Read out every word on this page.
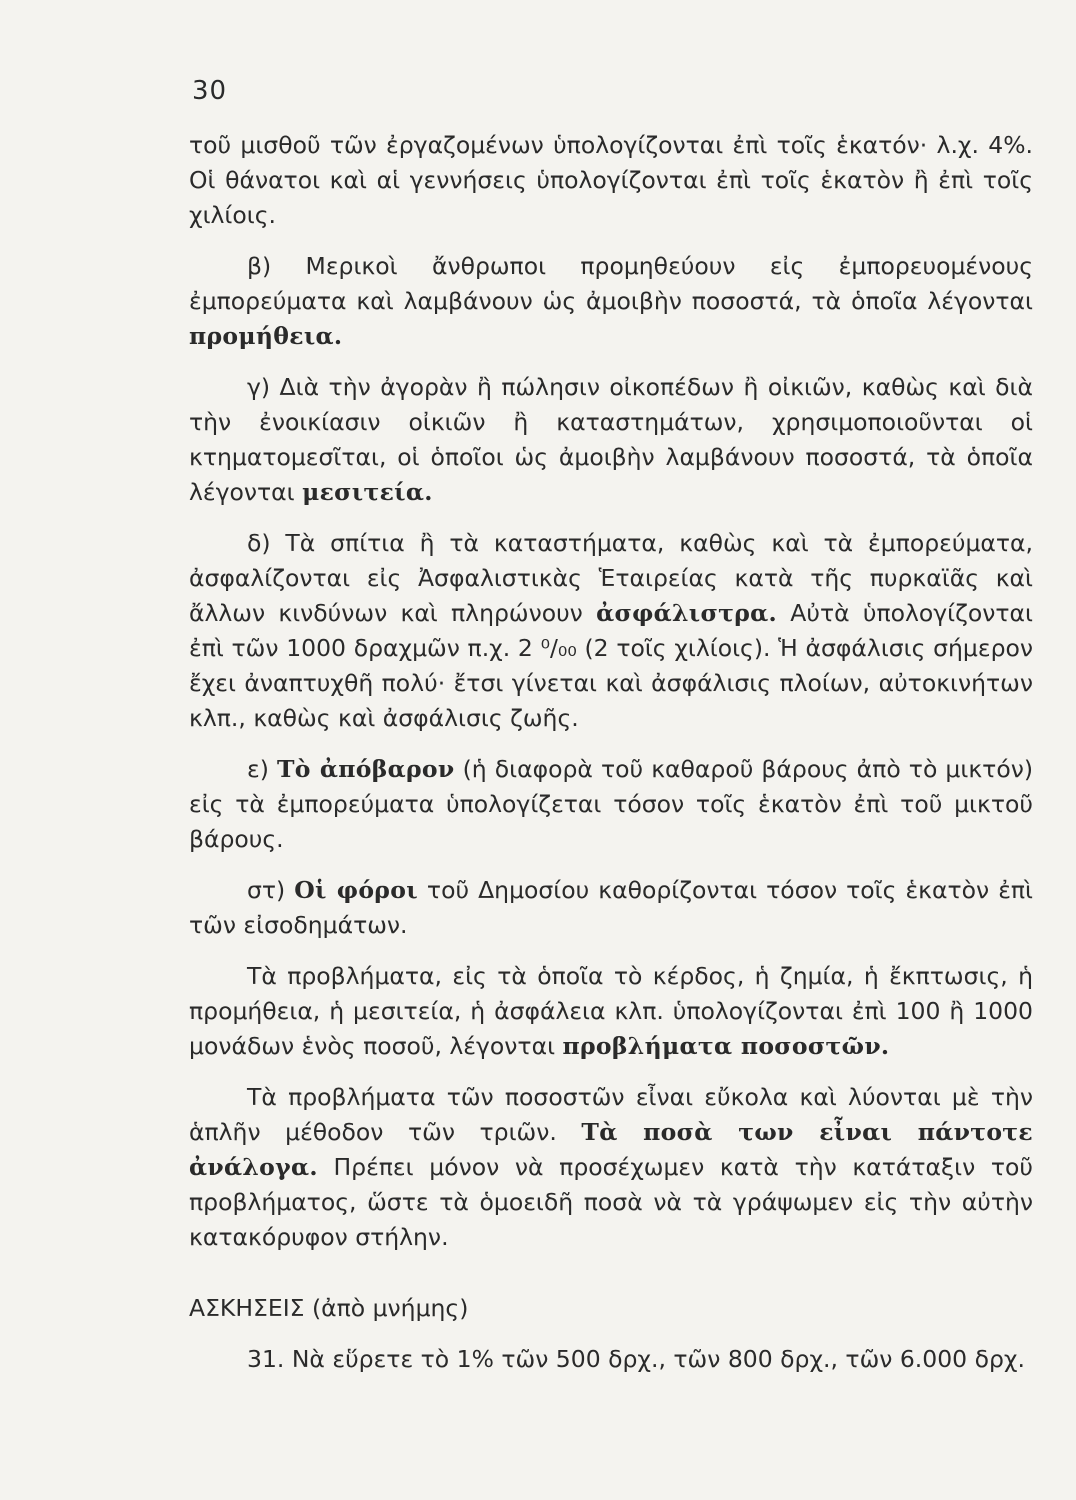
30

τοῦ μισθοῦ τῶν ἐργαζομένων ὑπολογίζονται ἐπὶ τοῖς ἑκατόν· λ.χ. 4%. Οἱ θάνατοι καὶ αἱ γεννήσεις ὑπολογίζονται ἐπὶ τοῖς ἑκατὸν ἢ ἐπὶ τοῖς χιλίοις.

β) Μερικοὶ ἄνθρωποι προμηθεύουν εἰς ἐμπορευομένους ἐμπορεύματα καὶ λαμβάνουν ὡς ἀμοιβὴν ποσοστά, τὰ ὁποῖα λέγονται προμήθεια.

γ) Διὰ τὴν ἀγορὰν ἢ πώλησιν οἰκοπέδων ἢ οἰκιῶν, καθὼς καὶ διὰ τὴν ἐνοικίασιν οἰκιῶν ἢ καταστημάτων, χρησιμοποιοῦνται οἱ κτηματομεσῖται, οἱ ὁποῖοι ὡς ἀμοιβὴν λαμβάνουν ποσοστά, τὰ ὁποῖα λέγονται μεσιτεία.

δ) Τὰ σπίτια ἢ τὰ καταστήματα, καθὼς καὶ τὰ ἐμπορεύματα, ἀσφαλίζονται εἰς Ἀσφαλιστικὰς Ἑταιρείας κατὰ τῆς πυρκαϊᾶς καὶ ἄλλων κινδύνων καὶ πληρώνουν ἀσφάλιστρα. Αὐτὰ ὑπολογίζονται ἐπὶ τῶν 1000 δραχμῶν π.χ. 2 ⁰/₀₀ (2 τοῖς χιλίοις). Ἡ ἀσφάλισις σήμερον ἔχει ἀναπτυχθῆ πολύ· ἔτσι γίνεται καὶ ἀσφάλισις πλοίων, αὐτοκινήτων κλπ., καθὼς καὶ ἀσφάλισις ζωῆς.

ε) Τὸ ἀπόβαρον (ἡ διαφορὰ τοῦ καθαροῦ βάρους ἀπὸ τὸ μικτόν) εἰς τὰ ἐμπορεύματα ὑπολογίζεται τόσον τοῖς ἑκατὸν ἐπὶ τοῦ μικτοῦ βάρους.

στ) Οἱ φόροι τοῦ Δημοσίου καθορίζονται τόσον τοῖς ἑκατὸν ἐπὶ τῶν εἰσοδημάτων.

Τὰ προβλήματα, εἰς τὰ ὁποῖα τὸ κέρδος, ἡ ζημία, ἡ ἔκπτωσις, ἡ προμήθεια, ἡ μεσιτεία, ἡ ἀσφάλεια κλπ. ὑπολογίζονται ἐπὶ 100 ἢ 1000 μονάδων ἑνὸς ποσοῦ, λέγονται προβλήματα ποσοστῶν.

Τὰ προβλήματα τῶν ποσοστῶν εἶναι εὔκολα καὶ λύονται μὲ τὴν ἁπλῆν μέθοδον τῶν τριῶν. Τὰ ποσὰ των εἶναι πάντοτε ἀνάλογα. Πρέπει μόνον νὰ προσέχωμεν κατὰ τὴν κατάταξιν τοῦ προβλήματος, ὥστε τὰ ὁμοειδῆ ποσὰ νὰ τὰ γράψωμεν εἰς τὴν αὐτὴν κατακόρυφον στήλην.

ΑΣΚΗΣΕΙΣ (ἀπὸ μνήμης)

31. Νὰ εὕρετε τὸ 1% τῶν 500 δρχ., τῶν 800 δρχ., τῶν 6.000 δρχ.
